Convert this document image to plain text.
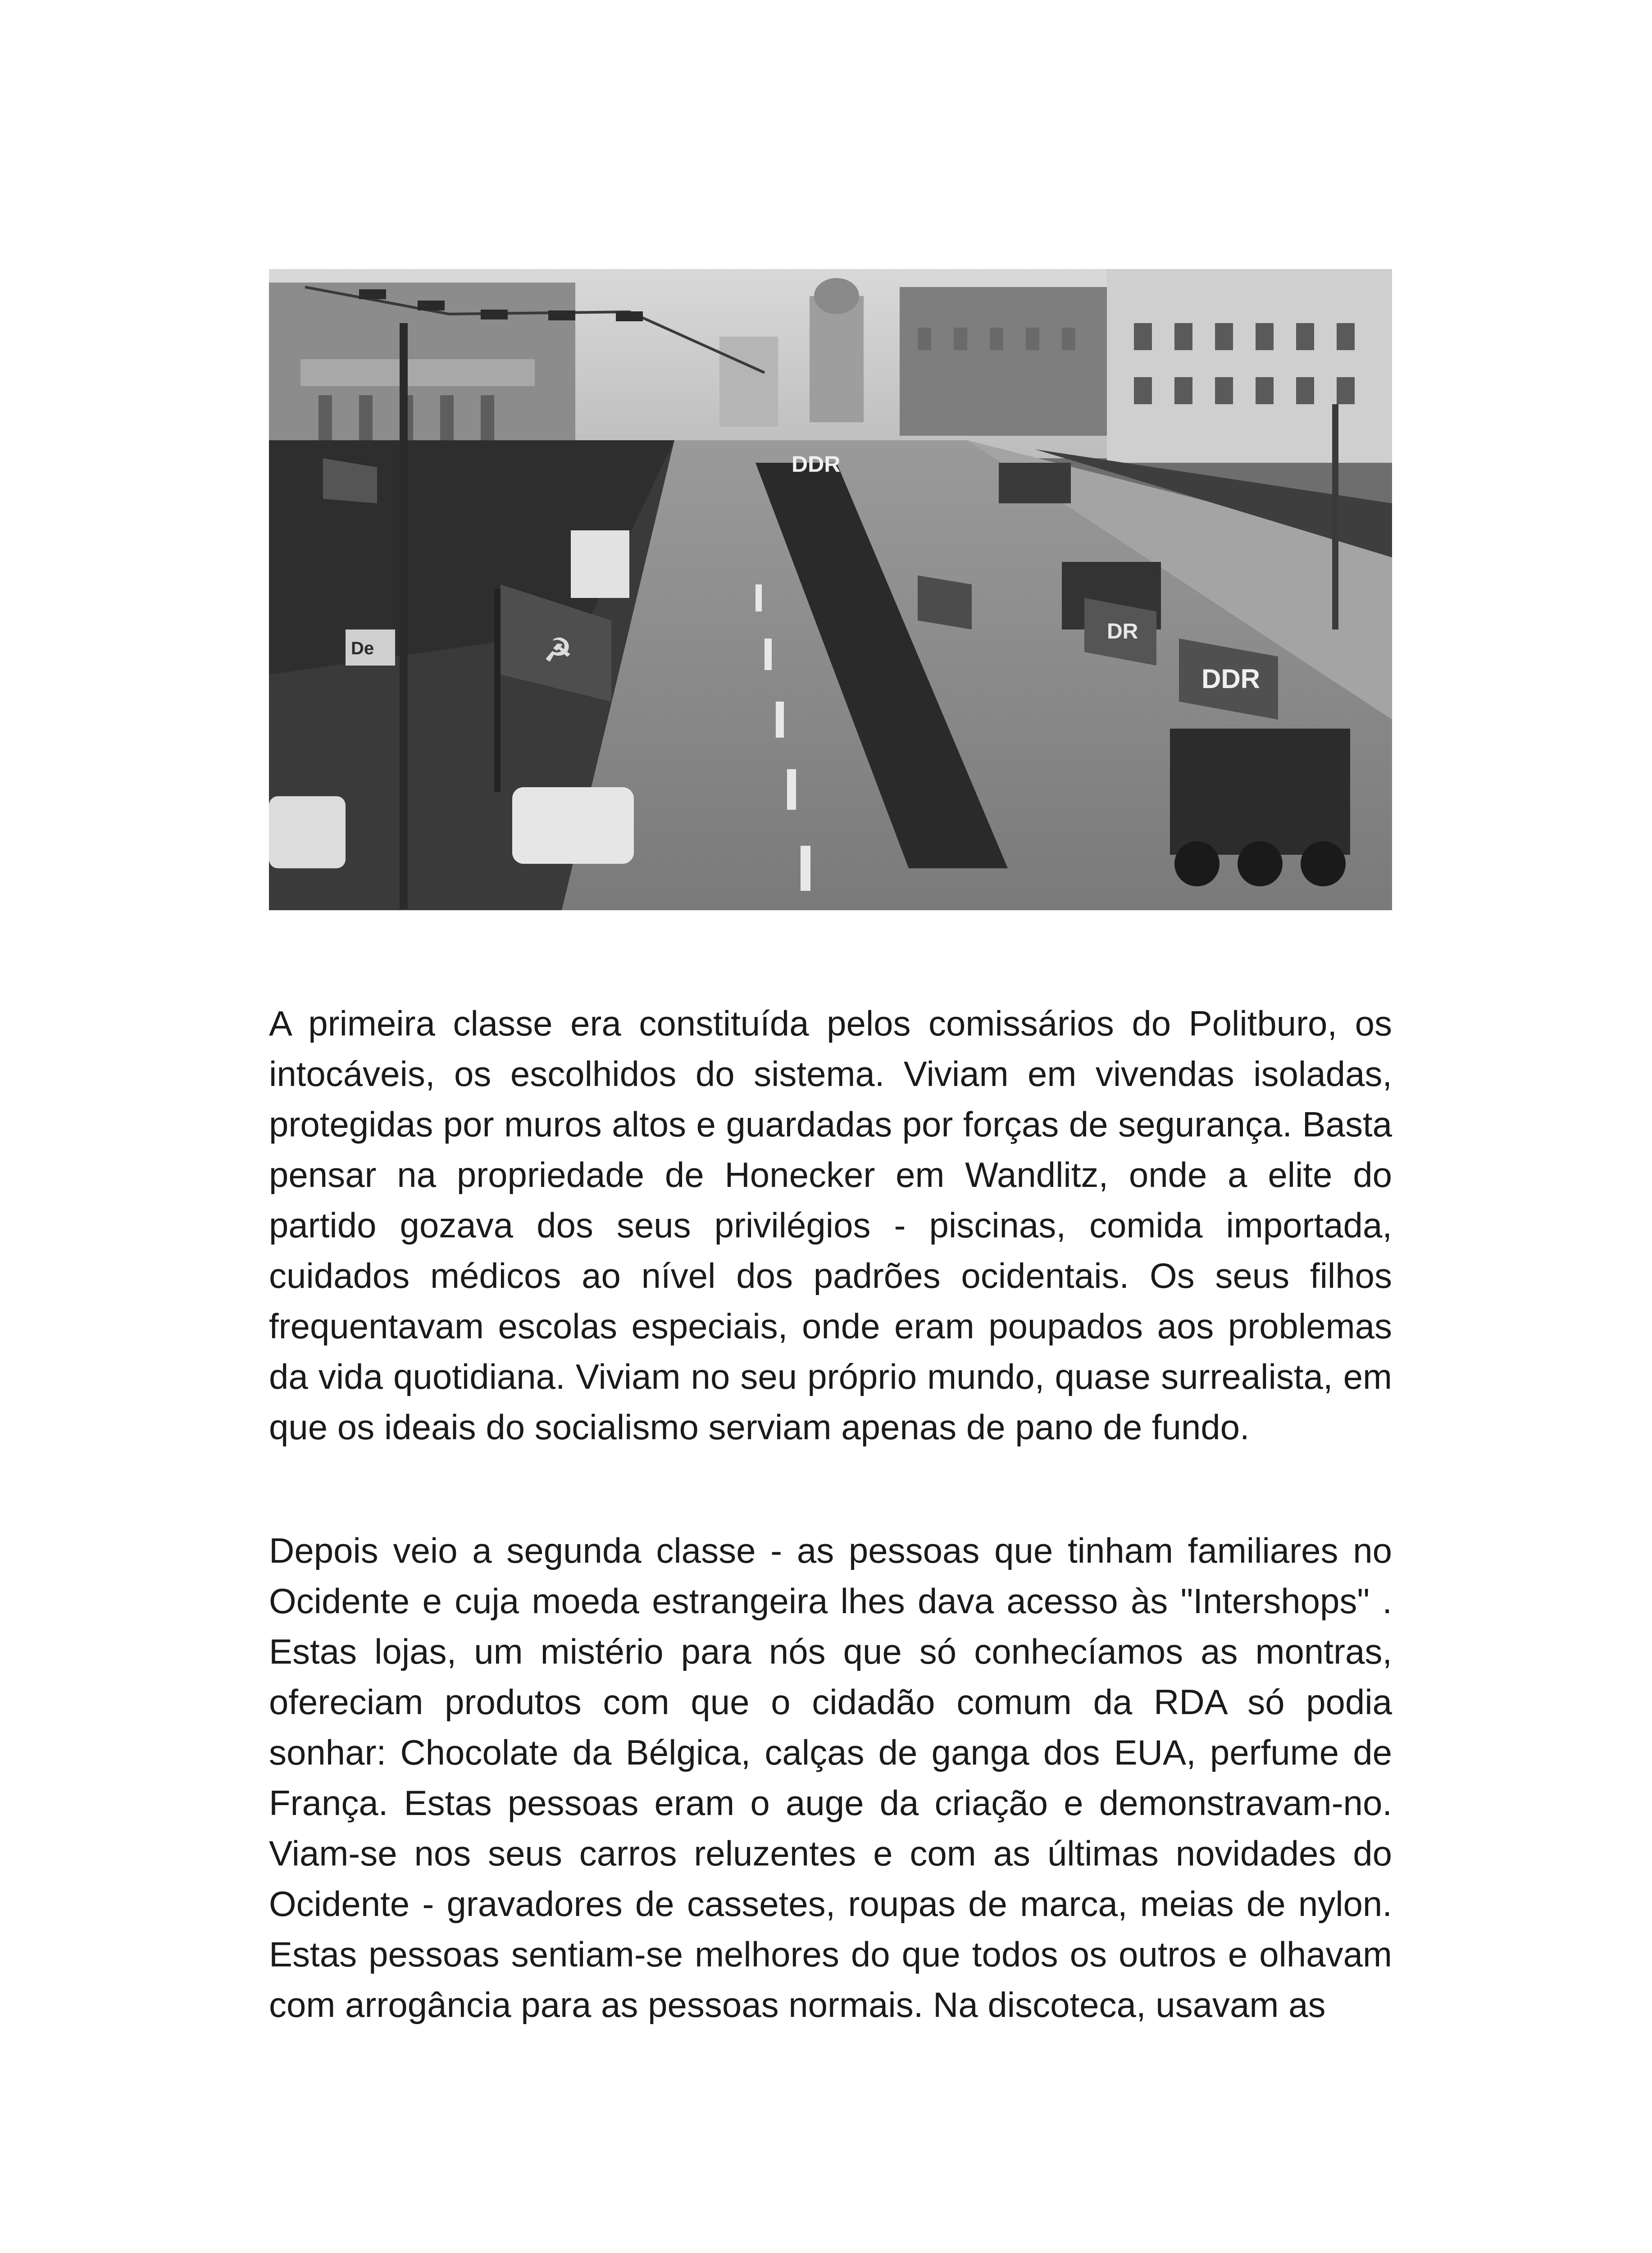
☭
DDR
DDR
DR
De

A primeira classe era constituída pelos comissários do Politburo, os intocáveis, os escolhidos do sistema. Viviam em vivendas isoladas, protegidas por muros altos e guardadas por forças de segurança. Basta pensar na propriedade de Honecker em Wandlitz, onde a elite do partido gozava dos seus privilégios - piscinas, comida importada, cuidados médicos ao nível dos padrões ocidentais. Os seus filhos frequentavam escolas especiais, onde eram poupados aos problemas da vida quotidiana. Viviam no seu próprio mundo, quase surrealista, em que os ideais do socialismo serviam apenas de pano de fundo.

Depois veio a segunda classe - as pessoas que tinham familiares no Ocidente e cuja moeda estrangeira lhes dava acesso às "Intershops" . Estas lojas, um mistério para nós que só conhecíamos as montras, ofereciam produtos com que o cidadão comum da RDA só podia sonhar: Chocolate da Bélgica, calças de ganga dos EUA, perfume de França. Estas pessoas eram o auge da criação e demonstravam-no. Viam-se nos seus carros reluzentes e com as últimas novidades do Ocidente - gravadores de cassetes, roupas de marca, meias de nylon. Estas pessoas sentiam-se melhores do que todos os outros e olhavam com arrogância para as pessoas normais. Na discoteca, usavam as
